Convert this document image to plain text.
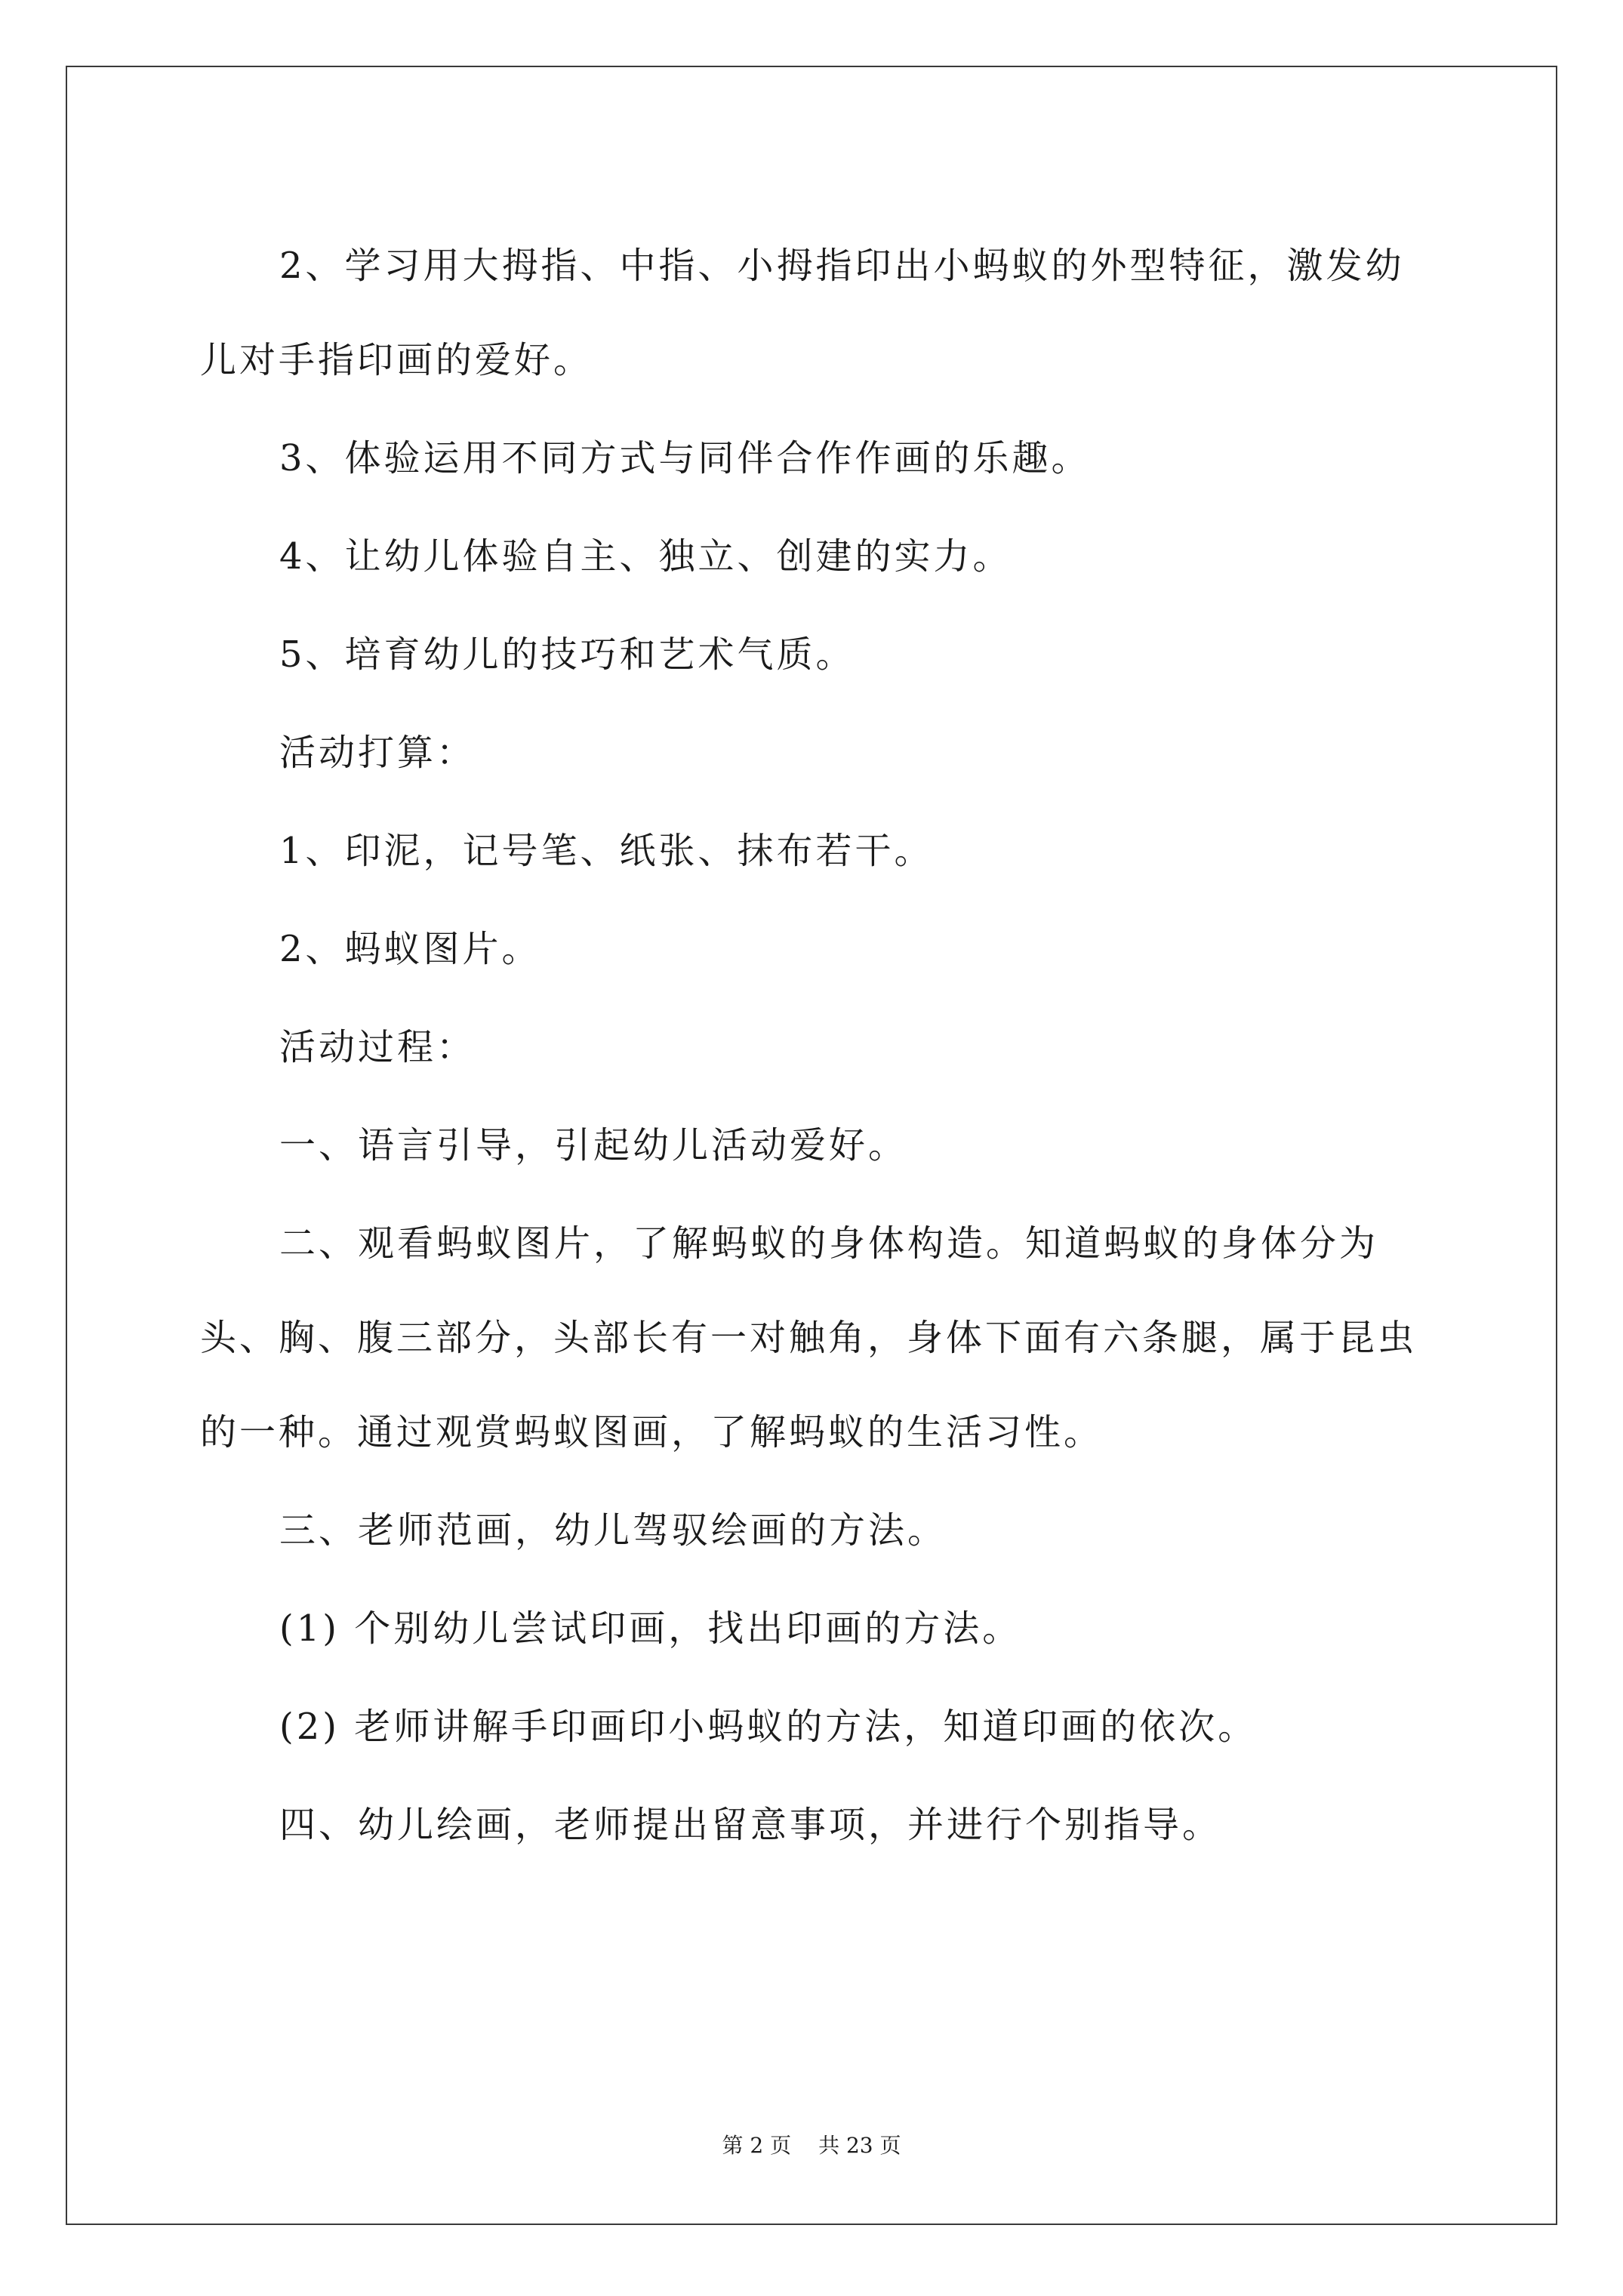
2、学习用大拇指、中指、小拇指印出小蚂蚁的外型特征，激发幼儿对手指印画的爱好。

3、体验运用不同方式与同伴合作作画的乐趣。

4、让幼儿体验自主、独立、创建的实力。

5、培育幼儿的技巧和艺术气质。

活动打算：

1、印泥，记号笔、纸张、抹布若干。

2、蚂蚁图片。

活动过程：

一、语言引导，引起幼儿活动爱好。

二、观看蚂蚁图片，了解蚂蚁的身体构造。知道蚂蚁的身体分为头、胸、腹三部分，头部长有一对触角，身体下面有六条腿，属于昆虫的一种。通过观赏蚂蚁图画，了解蚂蚁的生活习性。

三、老师范画，幼儿驾驭绘画的方法。

(1) 个别幼儿尝试印画，找出印画的方法。

(2) 老师讲解手印画印小蚂蚁的方法，知道印画的依次。

四、幼儿绘画，老师提出留意事项，并进行个别指导。

第 2 页 共 23 页
